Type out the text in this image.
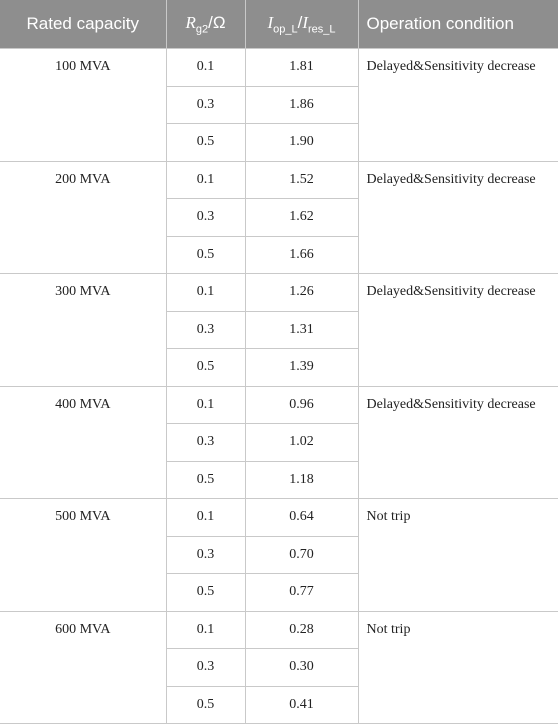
Rated capacity	$R_{g2}/\Omega$	$I_{op\_L}/I_{res\_L}$	Operation condition
100 MVA	0.1	1.81	Delayed&Sensitivity decrease
	0.3	1.86	
	0.5	1.90	
200 MVA	0.1	1.52	Delayed&Sensitivity decrease
	0.3	1.62	
	0.5	1.66	
300 MVA	0.1	1.26	Delayed&Sensitivity decrease
	0.3	1.31	
	0.5	1.39	
400 MVA	0.1	0.96	Delayed&Sensitivity decrease
	0.3	1.02	
	0.5	1.18	
500 MVA	0.1	0.64	Not trip
	0.3	0.70	
	0.5	0.77	
600 MVA	0.1	0.28	Not trip
	0.3	0.30	
	0.5	0.41	
